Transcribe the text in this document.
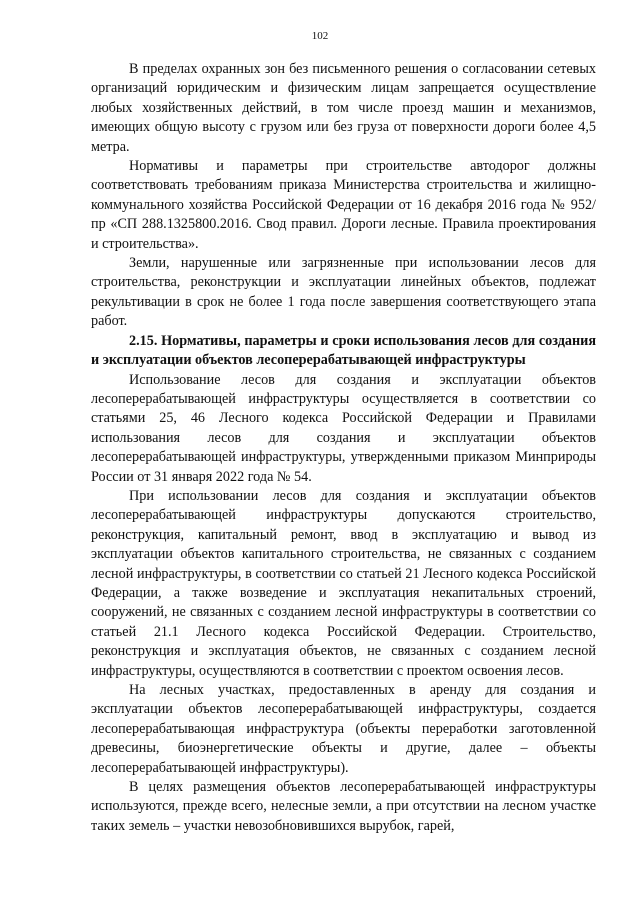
102

В пределах охранных зон без письменного решения о согласовании сетевых организаций юридическим и физическим лицам запрещается осуществление любых хозяйственных действий, в том числе проезд машин и механизмов, имеющих общую высоту с грузом или без груза от поверхности дороги более 4,5 метра.

Нормативы и параметры при строительстве автодорог должны соответствовать требованиям приказа Министерства строительства и жилищно-коммунального хозяйства Российской Федерации от 16 декабря 2016 года № 952/пр «СП 288.1325800.2016. Свод правил. Дороги лесные. Правила проектирования и строительства».

Земли, нарушенные или загрязненные при использовании лесов для строительства, реконструкции и эксплуатации линейных объектов, подлежат рекультивации в срок не более 1 года после завершения соответствующего этапа работ.

2.15. Нормативы, параметры и сроки использования лесов для создания и эксплуатации объектов лесоперерабатывающей инфраструктуры

Использование лесов для создания и эксплуатации объектов лесоперерабатывающей инфраструктуры осуществляется в соответствии со статьями 25, 46 Лесного кодекса Российской Федерации и Правилами использования лесов для создания и эксплуатации объектов лесоперерабатывающей инфраструктуры, утвержденными приказом Минприроды России от 31 января 2022 года № 54.

При использовании лесов для создания и эксплуатации объектов лесоперерабатывающей инфраструктуры допускаются строительство, реконструкция, капитальный ремонт, ввод в эксплуатацию и вывод из эксплуатации объектов капитального строительства, не связанных с созданием лесной инфраструктуры, в соответствии со статьей 21 Лесного кодекса Российской Федерации, а также возведение и эксплуатация некапитальных строений, сооружений, не связанных с созданием лесной инфраструктуры в соответствии со статьей 21.1 Лесного кодекса Российской Федерации. Строительство, реконструкция и эксплуатация объектов, не связанных с созданием лесной инфраструктуры, осуществляются в соответствии с проектом освоения лесов.

На лесных участках, предоставленных в аренду для создания и эксплуатации объектов лесоперерабатывающей инфраструктуры, создается лесоперерабатывающая инфраструктура (объекты переработки заготовленной древесины, биоэнергетические объекты и другие, далее – объекты лесоперерабатывающей инфраструктуры).

В целях размещения объектов лесоперерабатывающей инфраструктуры используются, прежде всего, нелесные земли, а при отсутствии на лесном участке таких земель – участки невозобновившихся вырубок, гарей,
